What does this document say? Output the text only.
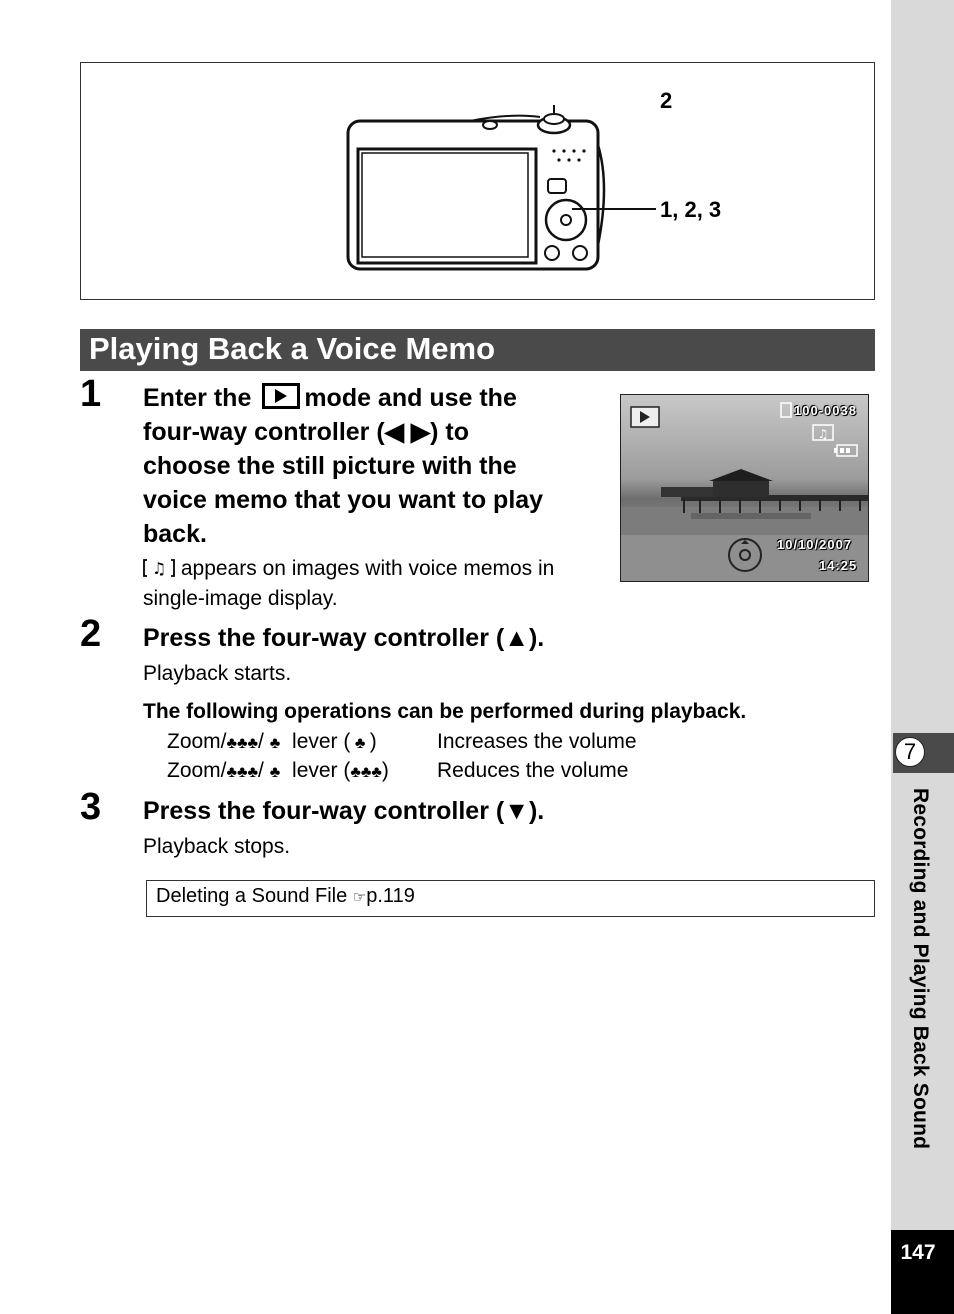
7
Recording and Playing Back Sound
147
2
1, 2, 3
Playing Back a Voice Memo
1 Enter the mode and use the
four-way controller (◀ ▶) to
choose the still picture with the
voice memo that you want to play
back.
♫ appears on images with voice memos in
single-image display.
♫
100-0038
10/10/2007
14:25
2 Press the four-way controller (▲).
Playback starts.
The following operations can be performed during playback.
Zoom/♣♣♣/ ♣ lever ( ♣ )	Increases the volume
Zoom/♣♣♣/ ♣ lever (♣♣♣) Reduces the volume
3 Press the four-way controller (▼).
Playback stops.
Deleting a Sound File ☞p.119
